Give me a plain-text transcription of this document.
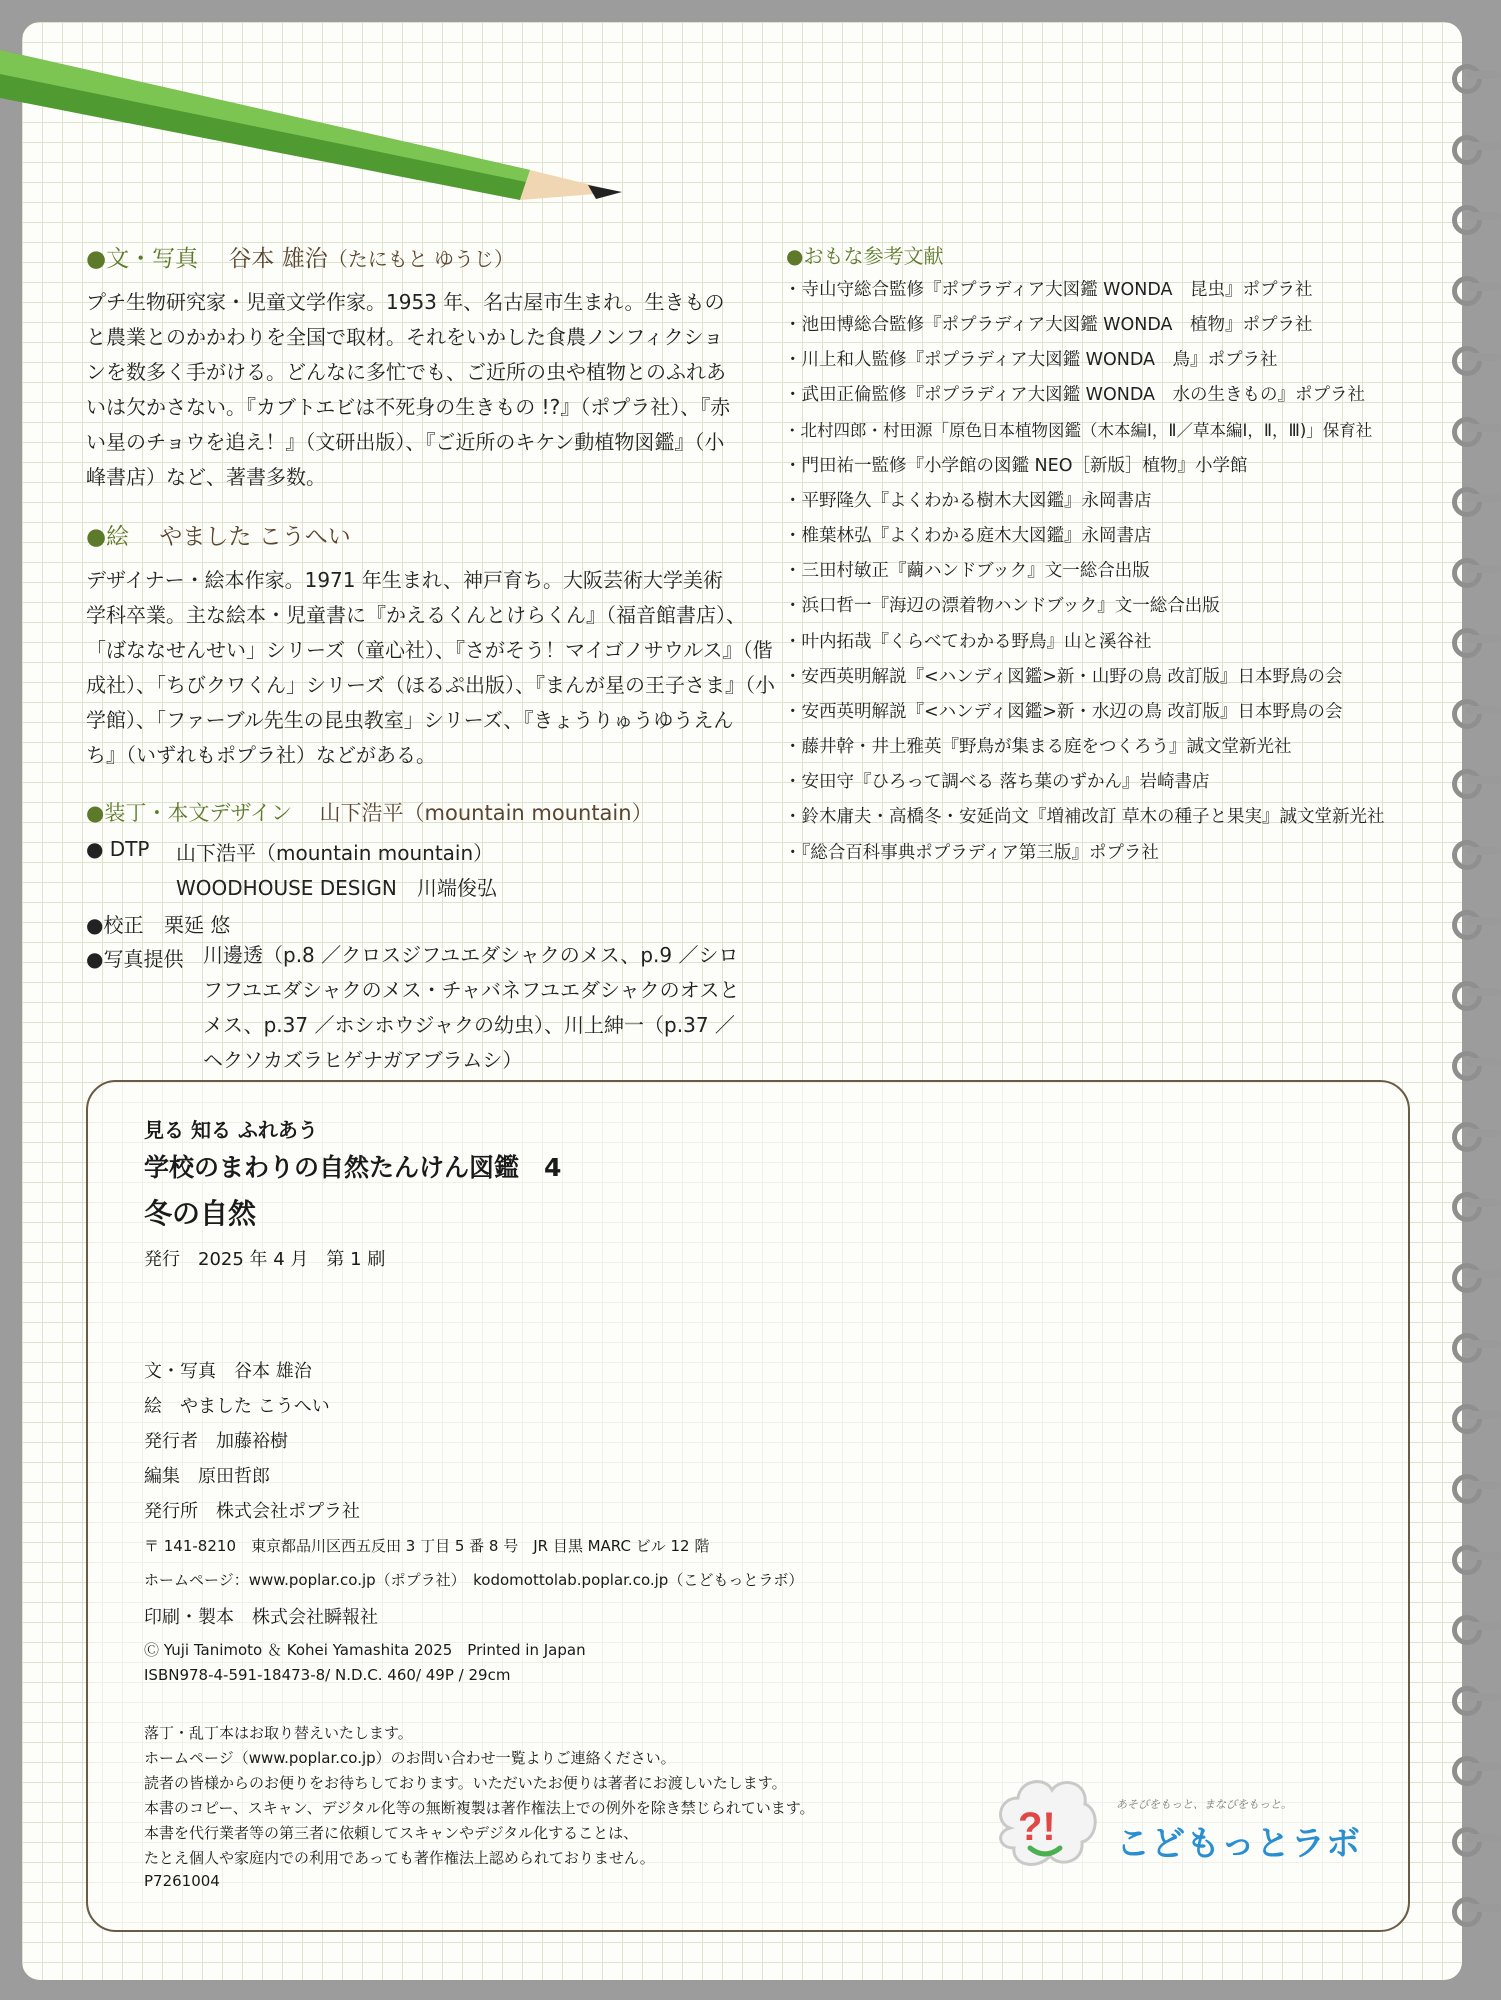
●文・写真　 谷本 雄治（たにもと ゆうじ）
プチ生物研究家・児童文学作家。1953 年、名古屋市生まれ。生きもの
と農業とのかかわりを全国で取材。それをいかした食農ノンフィクショ
ンを数多く手がける。どんなに多忙でも、ご近所の虫や植物とのふれあ
いは欠かさない。『カブトエビは不死身の生きもの !?』（ポプラ社）、『赤
い星のチョウを追え！』（文研出版）、『ご近所のキケン動植物図鑑』（小
峰書店）など、著書多数。
●絵　 やました こうへい
デザイナー・絵本作家。1971 年生まれ、神戸育ち。大阪芸術大学美術
学科卒業。主な絵本・児童書に『かえるくんとけらくん』（福音館書店）、
「ばななせんせい」シリーズ（童心社）、『さがそう！マイゴノサウルス』（偕
成社）、「ちびクワくん」シリーズ（ほるぷ出版）、『まんが星の王子さま』（小
学館）、「ファーブル先生の昆虫教室」シリーズ、『きょうりゅうゆうえん
ち』（いずれもポプラ社）などがある。
●装丁・本文デザイン　 山下浩平（mountain mountain）
● DTP 山下浩平（mountain mountain）
WOODHOUSE DESIGN　川端俊弘
●校正 栗延 悠
●写真提供 川邊透（p.8 ／クロスジフユエダシャクのメス、p.9 ／シロ
フフユエダシャクのメス・チャバネフユエダシャクのオスと
メス、p.37 ／ホシホウジャクの幼虫）、川上紳一（p.37 ／
ヘクソカズラヒゲナガアブラムシ）
●おもな参考文献
・寺山守総合監修『ポプラディア大図鑑 WONDA　昆虫』ポプラ社
・池田博総合監修『ポプラディア大図鑑 WONDA　植物』ポプラ社
・川上和人監修『ポプラディア大図鑑 WONDA　鳥』ポプラ社
・武田正倫監修『ポプラディア大図鑑 WONDA　水の生きもの』ポプラ社
・北村四郎・村田源「原色日本植物図鑑（木本編Ⅰ，Ⅱ／草本編Ⅰ，Ⅱ，Ⅲ)」保育社
・門田祐一監修『小学館の図鑑 NEO［新版］植物』小学館
・平野隆久『よくわかる樹木大図鑑』永岡書店
・椎葉林弘『よくわかる庭木大図鑑』永岡書店
・三田村敏正『繭ハンドブック』文一総合出版
・浜口哲一『海辺の漂着物ハンドブック』文一総合出版
・叶内拓哉『くらべてわかる野鳥』山と溪谷社
・安西英明解説『<ハンディ図鑑>新・山野の鳥 改訂版』日本野鳥の会
・安西英明解説『<ハンディ図鑑>新・水辺の鳥 改訂版』日本野鳥の会
・藤井幹・井上雅英『野鳥が集まる庭をつくろう』誠文堂新光社
・安田守『ひろって調べる 落ち葉のずかん』岩崎書店
・鈴木庸夫・高橋冬・安延尚文『増補改訂 草木の種子と果実』誠文堂新光社
・『総合百科事典ポプラディア第三版』ポプラ社
見る 知る ふれあう
学校のまわりの自然たんけん図鑑　4
冬の自然
発行　2025 年 4 月　第 1 刷
文・写真　谷本 雄治
絵　やました こうへい
発行者　加藤裕樹
編集　原田哲郎
発行所　株式会社ポプラ社
〒 141-8210　東京都品川区西五反田 3 丁目 5 番 8 号　JR 目黒 MARC ビル 12 階
ホームページ：www.poplar.co.jp（ポプラ社）　kodomottolab.poplar.co.jp（こどもっとラボ）
印刷・製本　株式会社瞬報社
Ⓒ Yuji Tanimoto ＆ Kohei Yamashita 2025　Printed in Japan
ISBN978-4-591-18473-8/ N.D.C. 460/ 49P / 29cm
落丁・乱丁本はお取り替えいたします。
ホームページ（www.poplar.co.jp）のお問い合わせ一覧よりご連絡ください。
読者の皆様からのお便りをお待ちしております。いただいたお便りは著者にお渡しいたします。
本書のコピー、スキャン、デジタル化等の無断複製は著作権法上での例外を除き禁じられています。
本書を代行業者等の第三者に依頼してスキャンやデジタル化することは、
たとえ個人や家庭内での利用であっても著作権法上認められておりません。
P7261004
?!
あそびをもっと、まなびをもっと。
こどもっとラボ
